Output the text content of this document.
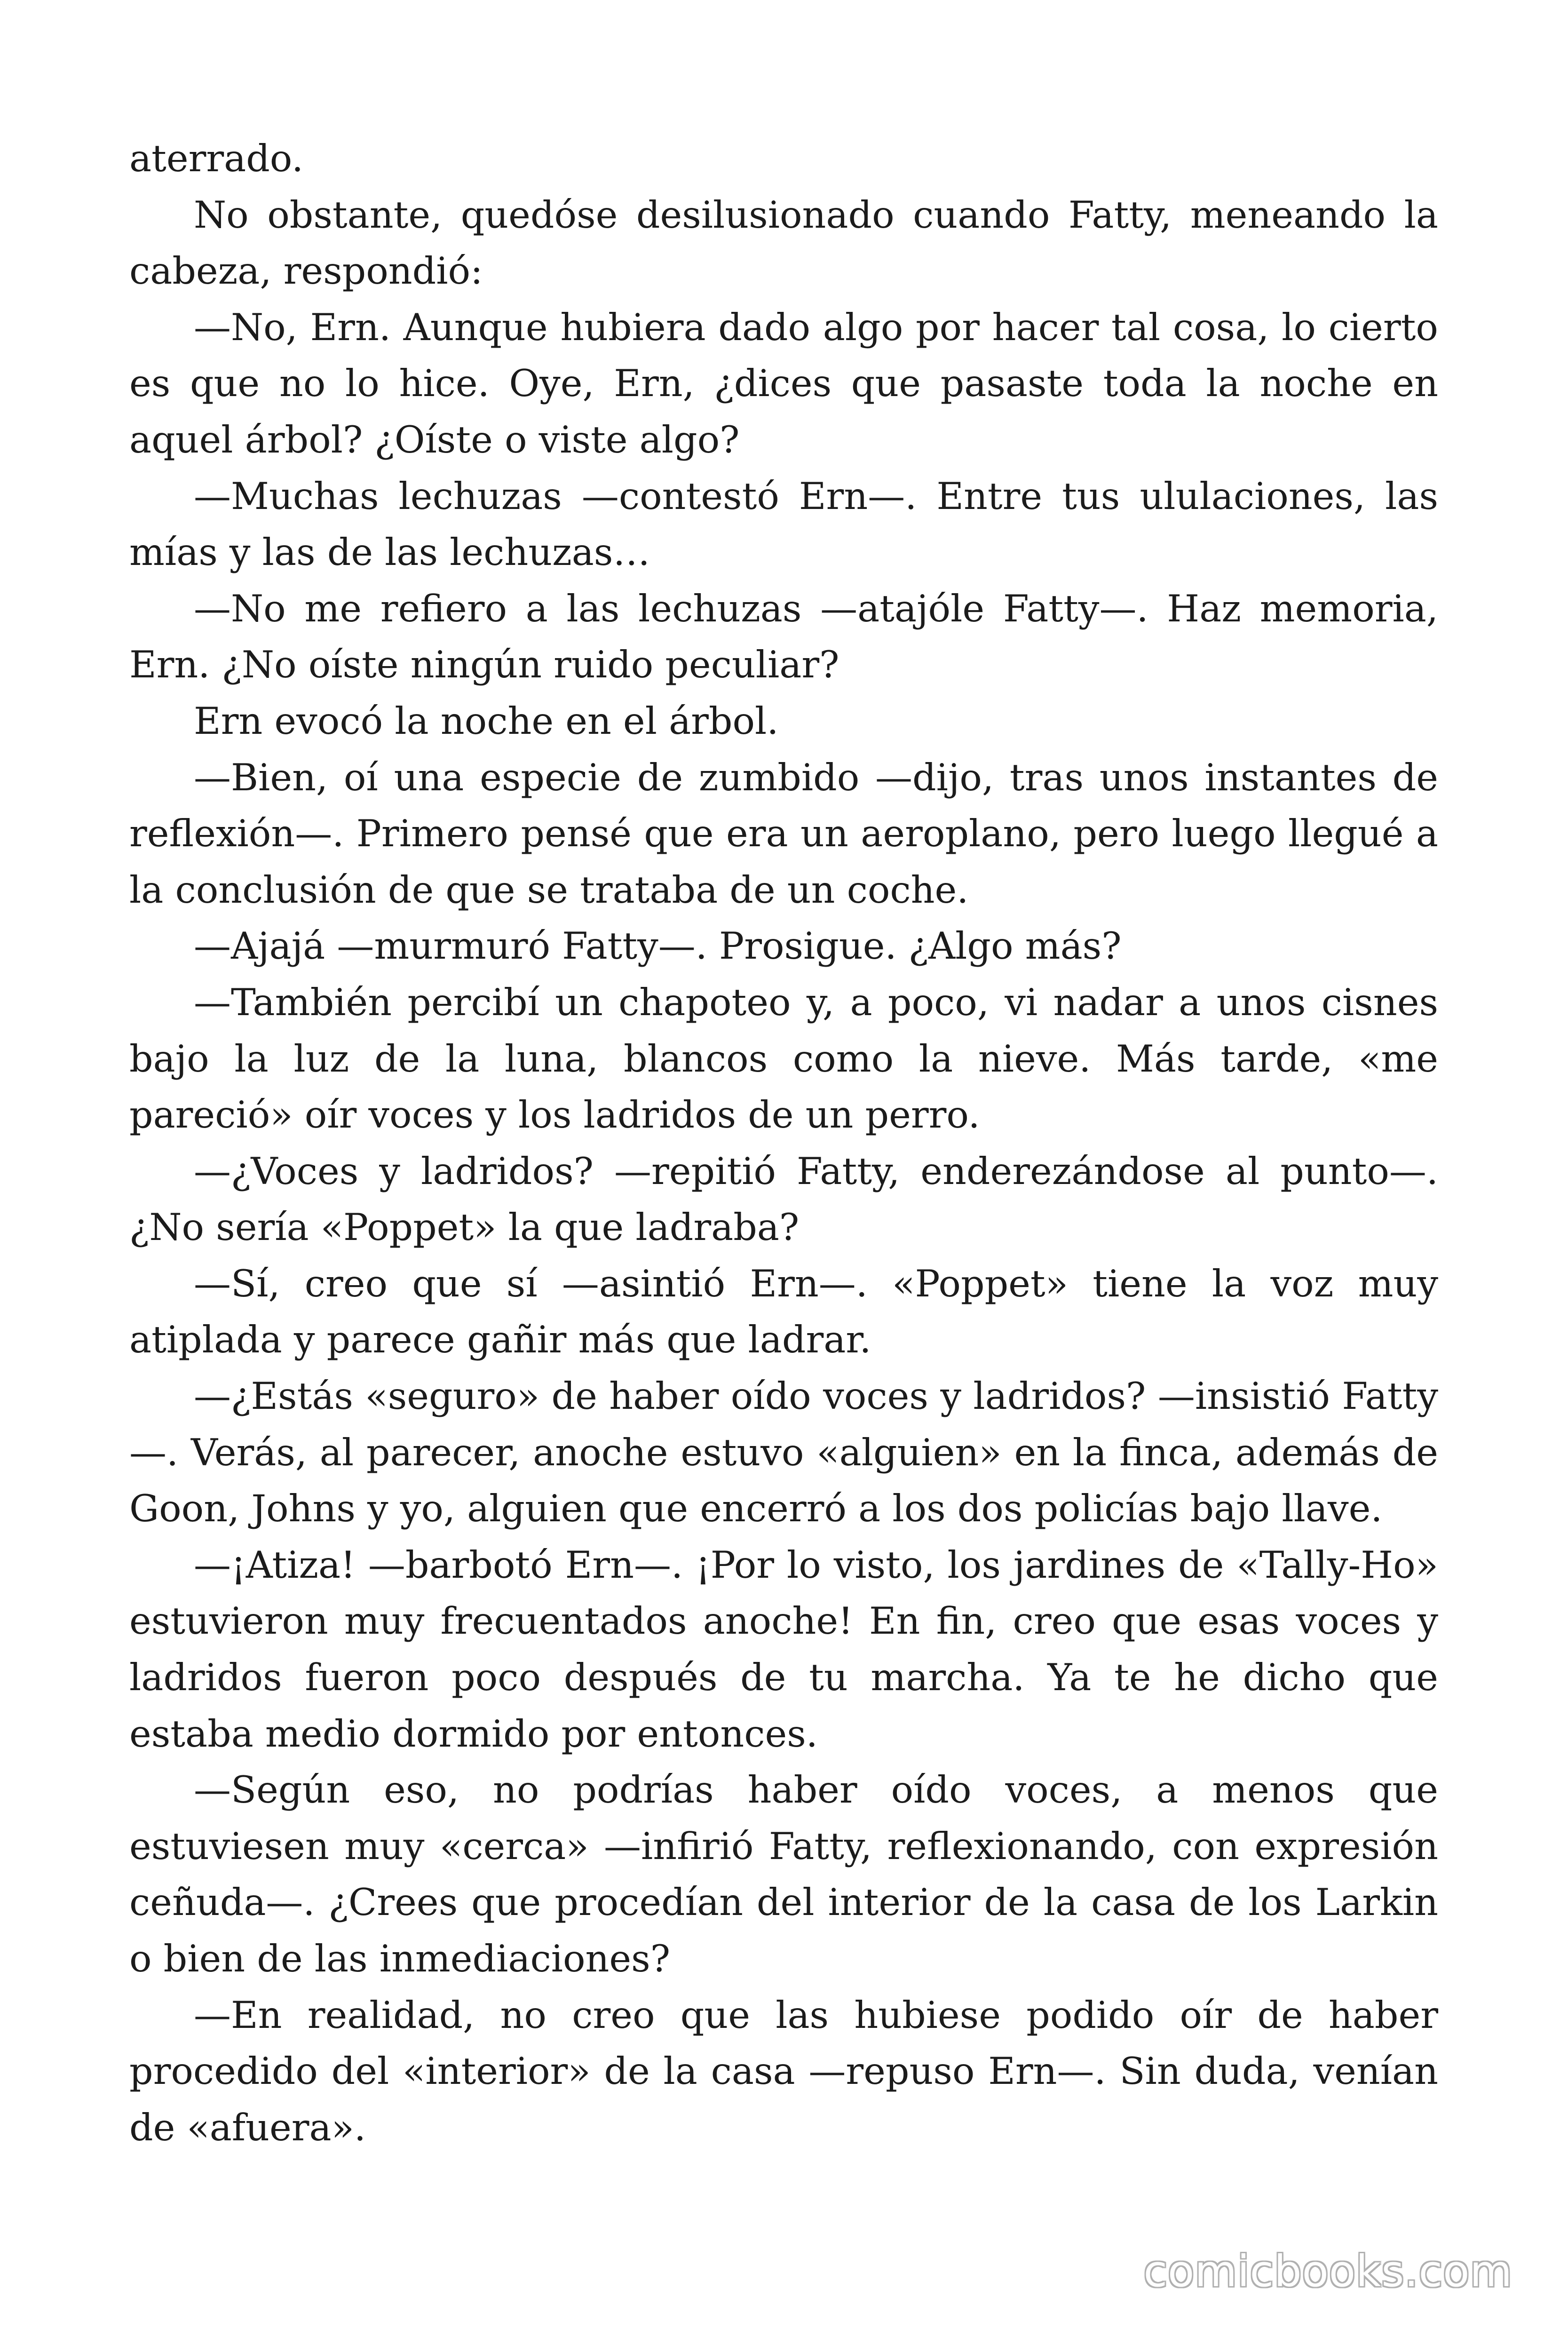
aterrado.

No obstante, quedóse desilusionado cuando Fatty, meneando la cabeza, respondió:

—No, Ern. Aunque hubiera dado algo por hacer tal cosa, lo cierto es que no lo hice. Oye, Ern, ¿dices que pasaste toda la noche en aquel árbol? ¿Oíste o viste algo?

—Muchas lechuzas —contestó Ern—. Entre tus ululaciones, las mías y las de las lechuzas…

—No me refiero a las lechuzas —atajóle Fatty—. Haz memoria, Ern. ¿No oíste ningún ruido peculiar?

Ern evocó la noche en el árbol.

—Bien, oí una especie de zumbido —dijo, tras unos instantes de reflexión—. Primero pensé que era un aeroplano, pero luego llegué a la conclusión de que se trataba de un coche.

—Ajajá —murmuró Fatty—. Prosigue. ¿Algo más?

—También percibí un chapoteo y, a poco, vi nadar a unos cisnes bajo la luz de la luna, blancos como la nieve. Más tarde, «me pareció» oír voces y los ladridos de un perro.

—¿Voces y ladridos? —repitió Fatty, enderezándose al punto—. ¿No sería «Poppet» la que ladraba?

—Sí, creo que sí —asintió Ern—. «Poppet» tiene la voz muy atiplada y parece gañir más que ladrar.

—¿Estás «seguro» de haber oído voces y ladridos? —insistió Fatty—. Verás, al parecer, anoche estuvo «alguien» en la finca, además de Goon, Johns y yo, alguien que encerró a los dos policías bajo llave.

—¡Atiza! —barbotó Ern—. ¡Por lo visto, los jardines de «Tally-Ho» estuvieron muy frecuentados anoche! En fin, creo que esas voces y ladridos fueron poco después de tu marcha. Ya te he dicho que estaba medio dormido por entonces.

—Según eso, no podrías haber oído voces, a menos que estuviesen muy «cerca» —infirió Fatty, reflexionando, con expresión ceñuda—. ¿Crees que procedían del interior de la casa de los Larkin o bien de las inmediaciones?

—En realidad, no creo que las hubiese podido oír de haber procedido del «interior» de la casa —repuso Ern—. Sin duda, venían de «afuera».

comicbooks.com
